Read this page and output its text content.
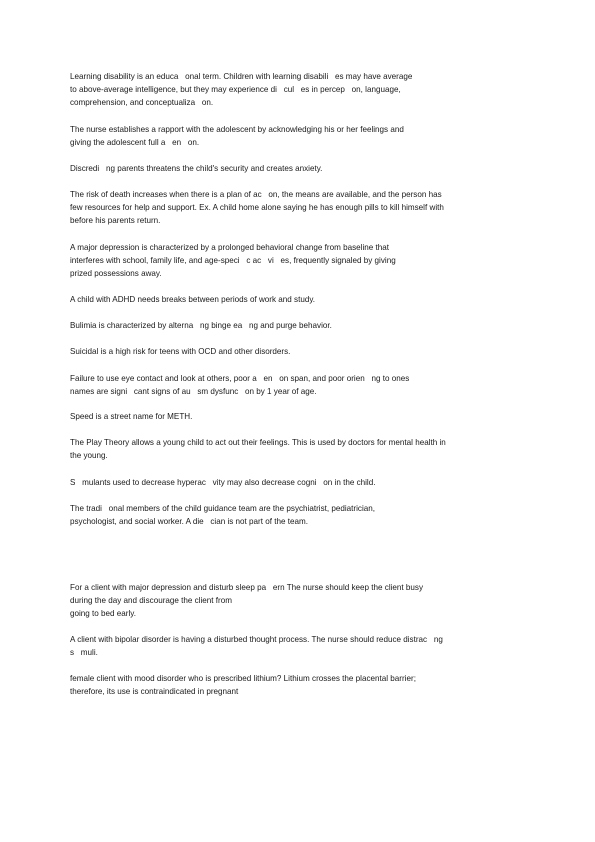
Learning disability is an educa   onal term. Children with learning disabili   es may have average
to above-average intelligence, but they may experience di   cul   es in percep   on, language,
comprehension, and conceptualiza   on.

The nurse establishes a rapport with the adolescent by acknowledging his or her feelings and
giving the adolescent full a   en   on.

Discredi   ng parents threatens the child's security and creates anxiety.

The risk of death increases when there is a plan of ac   on, the means are available, and the person has
few resources for help and support. Ex. A child home alone saying he has enough pills to kill himself with
before his parents return.

A major depression is characterized by a prolonged behavioral change from baseline that
interferes with school, family life, and age-speci   c ac   vi   es, frequently signaled by giving
prized possessions away.

A child with ADHD needs breaks between periods of work and study.

Bulimia is characterized by alterna   ng binge ea   ng and purge behavior.

Suicidal is a high risk for teens with OCD and other disorders.

Failure to use eye contact and look at others, poor a   en   on span, and poor orien   ng to ones
names are signi   cant signs of au   sm dysfunc   on by 1 year of age.

Speed is a street name for METH.

The Play Theory allows a young child to act out their feelings. This is used by doctors for mental health in
the young.

S   mulants used to decrease hyperac   vity may also decrease cogni   on in the child.

The tradi   onal members of the child guidance team are the psychiatrist, pediatrician,
psychologist, and social worker. A die   cian is not part of the team.

For a client with major depression and disturb sleep pa   ern The nurse should keep the client busy
during the day and discourage the client from
going to bed early.

A client with bipolar disorder is having a disturbed thought process. The nurse should reduce distrac   ng
s   muli.

female client with mood disorder who is prescribed lithium? Lithium crosses the placental barrier;
therefore, its use is contraindicated in pregnant
